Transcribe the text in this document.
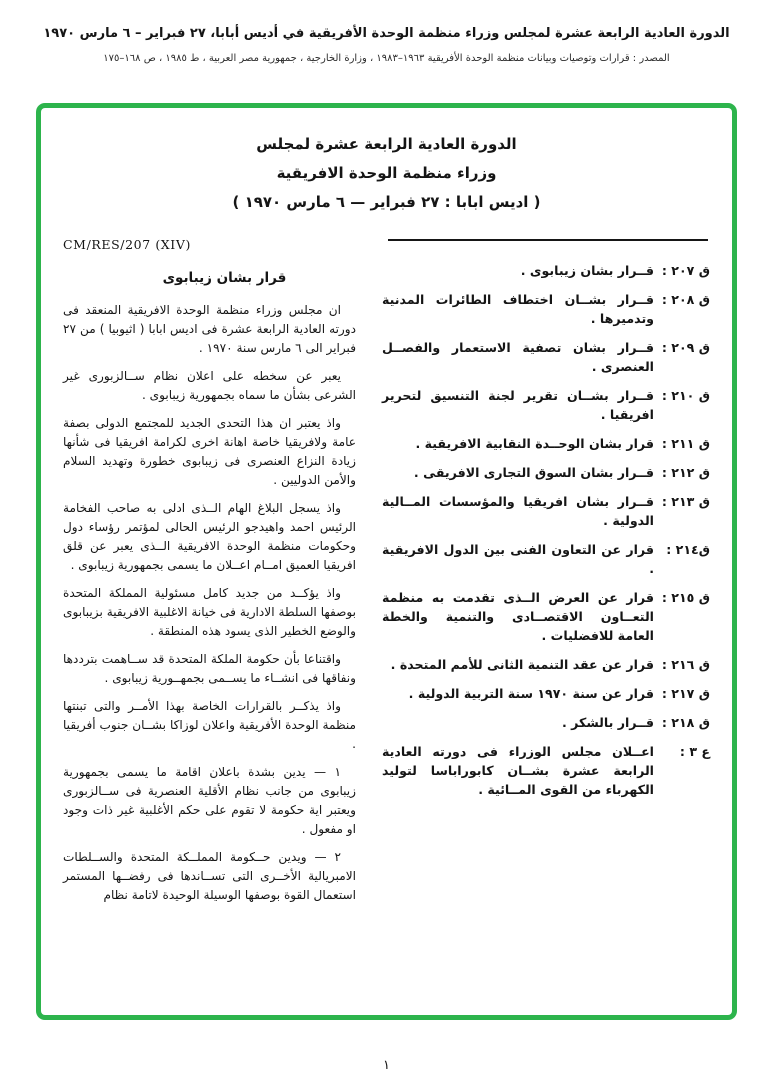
الدورة العادية الرابعة عشرة لمجلس وزراء منظمة الوحدة الأفريقية في أديس أبابا، ٢٧ فبراير – ٦ مارس ١٩٧٠
المصدر : قرارات وتوصيات وبيانات منظمة الوحدة الأفريقية ١٩٦٣–١٩٨٣ ، وزارة الخارجية ، جمهورية مصر العربية ، ط ١٩٨٥ ، ص ١٦٨–١٧٥
الدورة العادية الرابعة عشرة لمجلس
وزراء منظمة الوحدة الافريقية
( اديس ابابا : ٢٧ فبراير — ٦ مارس ١٩٧٠ )
ق ٢٠٧ :
قــرار بشان زيبابوى .
ق ٢٠٨ :
قــرار بشــان اختطاف الطائرات المدنية وتدميرها .
ق ٢٠٩ :
قــرار بشان تصفية الاستعمار والفصــل العنصرى .
ق ٢١٠ :
قــرار بشــان تقرير لجنة التنسيق لتحرير افريقيا .
ق ٢١١ :
قرار بشان الوحــدة النقابية الافريقية .
ق ٢١٢ :
قــرار بشان السوق التجارى الافريقى .
ق ٢١٣ :
قــرار بشان افريقيا والمؤسسات المــالية الدولية .
ق٢١٤ :
قرار عن التعاون الفنى بين الدول الافريقية .
ق ٢١٥ :
قرار عن العرض الــذى تقدمت به منظمة التعــاون الاقتصــادى والتنمية والخطة العامة للافضليات .
ق ٢١٦ :
قرار عن عقد التنمية الثانى للأمم المتحدة .
ق ٢١٧ :
قرار عن سنة ١٩٧٠ سنة التربية الدولية .
ق ٢١٨ :
قــرار بالشكر .
ع ٣ :
اعــلان مجلس الوزراء فى دورته العادية الرابعة عشرة بشــان كابوراباسا لتوليد الكهرباء من القوى المــائية .
CM/RES/207 (XIV)
قرار بشان زيبابوى

ان مجلس وزراء منظمة الوحدة الافريقية المنعقد فى دورته العادية الرابعة عشرة فى اديس ابابا ( اثيوبيا ) من ٢٧ فبراير الى ٦ مارس سنة ١٩٧٠ .

يعبر عن سخطه على اعلان نظام ســالزبورى غير الشرعى بشأن ما سماه بجمهورية زيبابوى .

واذ يعتبر ان هذا التحدى الجديد للمجتمع الدولى بصفة عامة ولافريقيا خاصة اهانة اخرى لكرامة افريقيا فى شأنها زيادة النزاع العنصرى فى زيبابوى خطورة وتهديد السلام والأمن الدوليين .

واذ يسجل البلاغ الهام الــذى ادلى به صاحب الفخامة الرئيس احمد واهيدجو الرئيس الحالى لمؤتمر رؤساء دول وحكومات منظمة الوحدة الافريقية الــذى يعبر عن قلق افريقيا العميق امــام اعــلان ما يسمى بجمهورية زيبابوى .

واذ يؤكــد من جديد كامل مسئولية المملكة المتحدة بوصفها السلطة الادارية فى خيانة الاغلبية الافريقية بزيبابوى والوضع الخطير الذى يسود هذه المنطقة .

واقتناعا بأن حكومة الملكة المتحدة قد ســاهمت بترددها ونفاقها فى انشــاء ما يســمى بجمهــورية زيبابوى .

واذ يذكــر بالقرارات الخاصة بهذا الأمــر والتى تبنتها منظمة الوحدة الأفريقية واعلان لوزاكا بشــان جنوب أفريقيا .

١ — يدين بشدة باعلان اقامة ما يسمى بجمهورية زيبابوى من جانب نظام الأقلية العنصرية فى ســالزبورى ويعتبر اية حكومة لا تقوم على حكم الأغلبية غير ذات وجود او مفعول .

٢ — ويدين حــكومة المملــكة المتحدة والســلطات الامبريالية الأخــرى التى تســاندها فى رفضــها المستمر استعمال القوة بوصفها الوسيلة الوحيدة لاتامة نظام

١
